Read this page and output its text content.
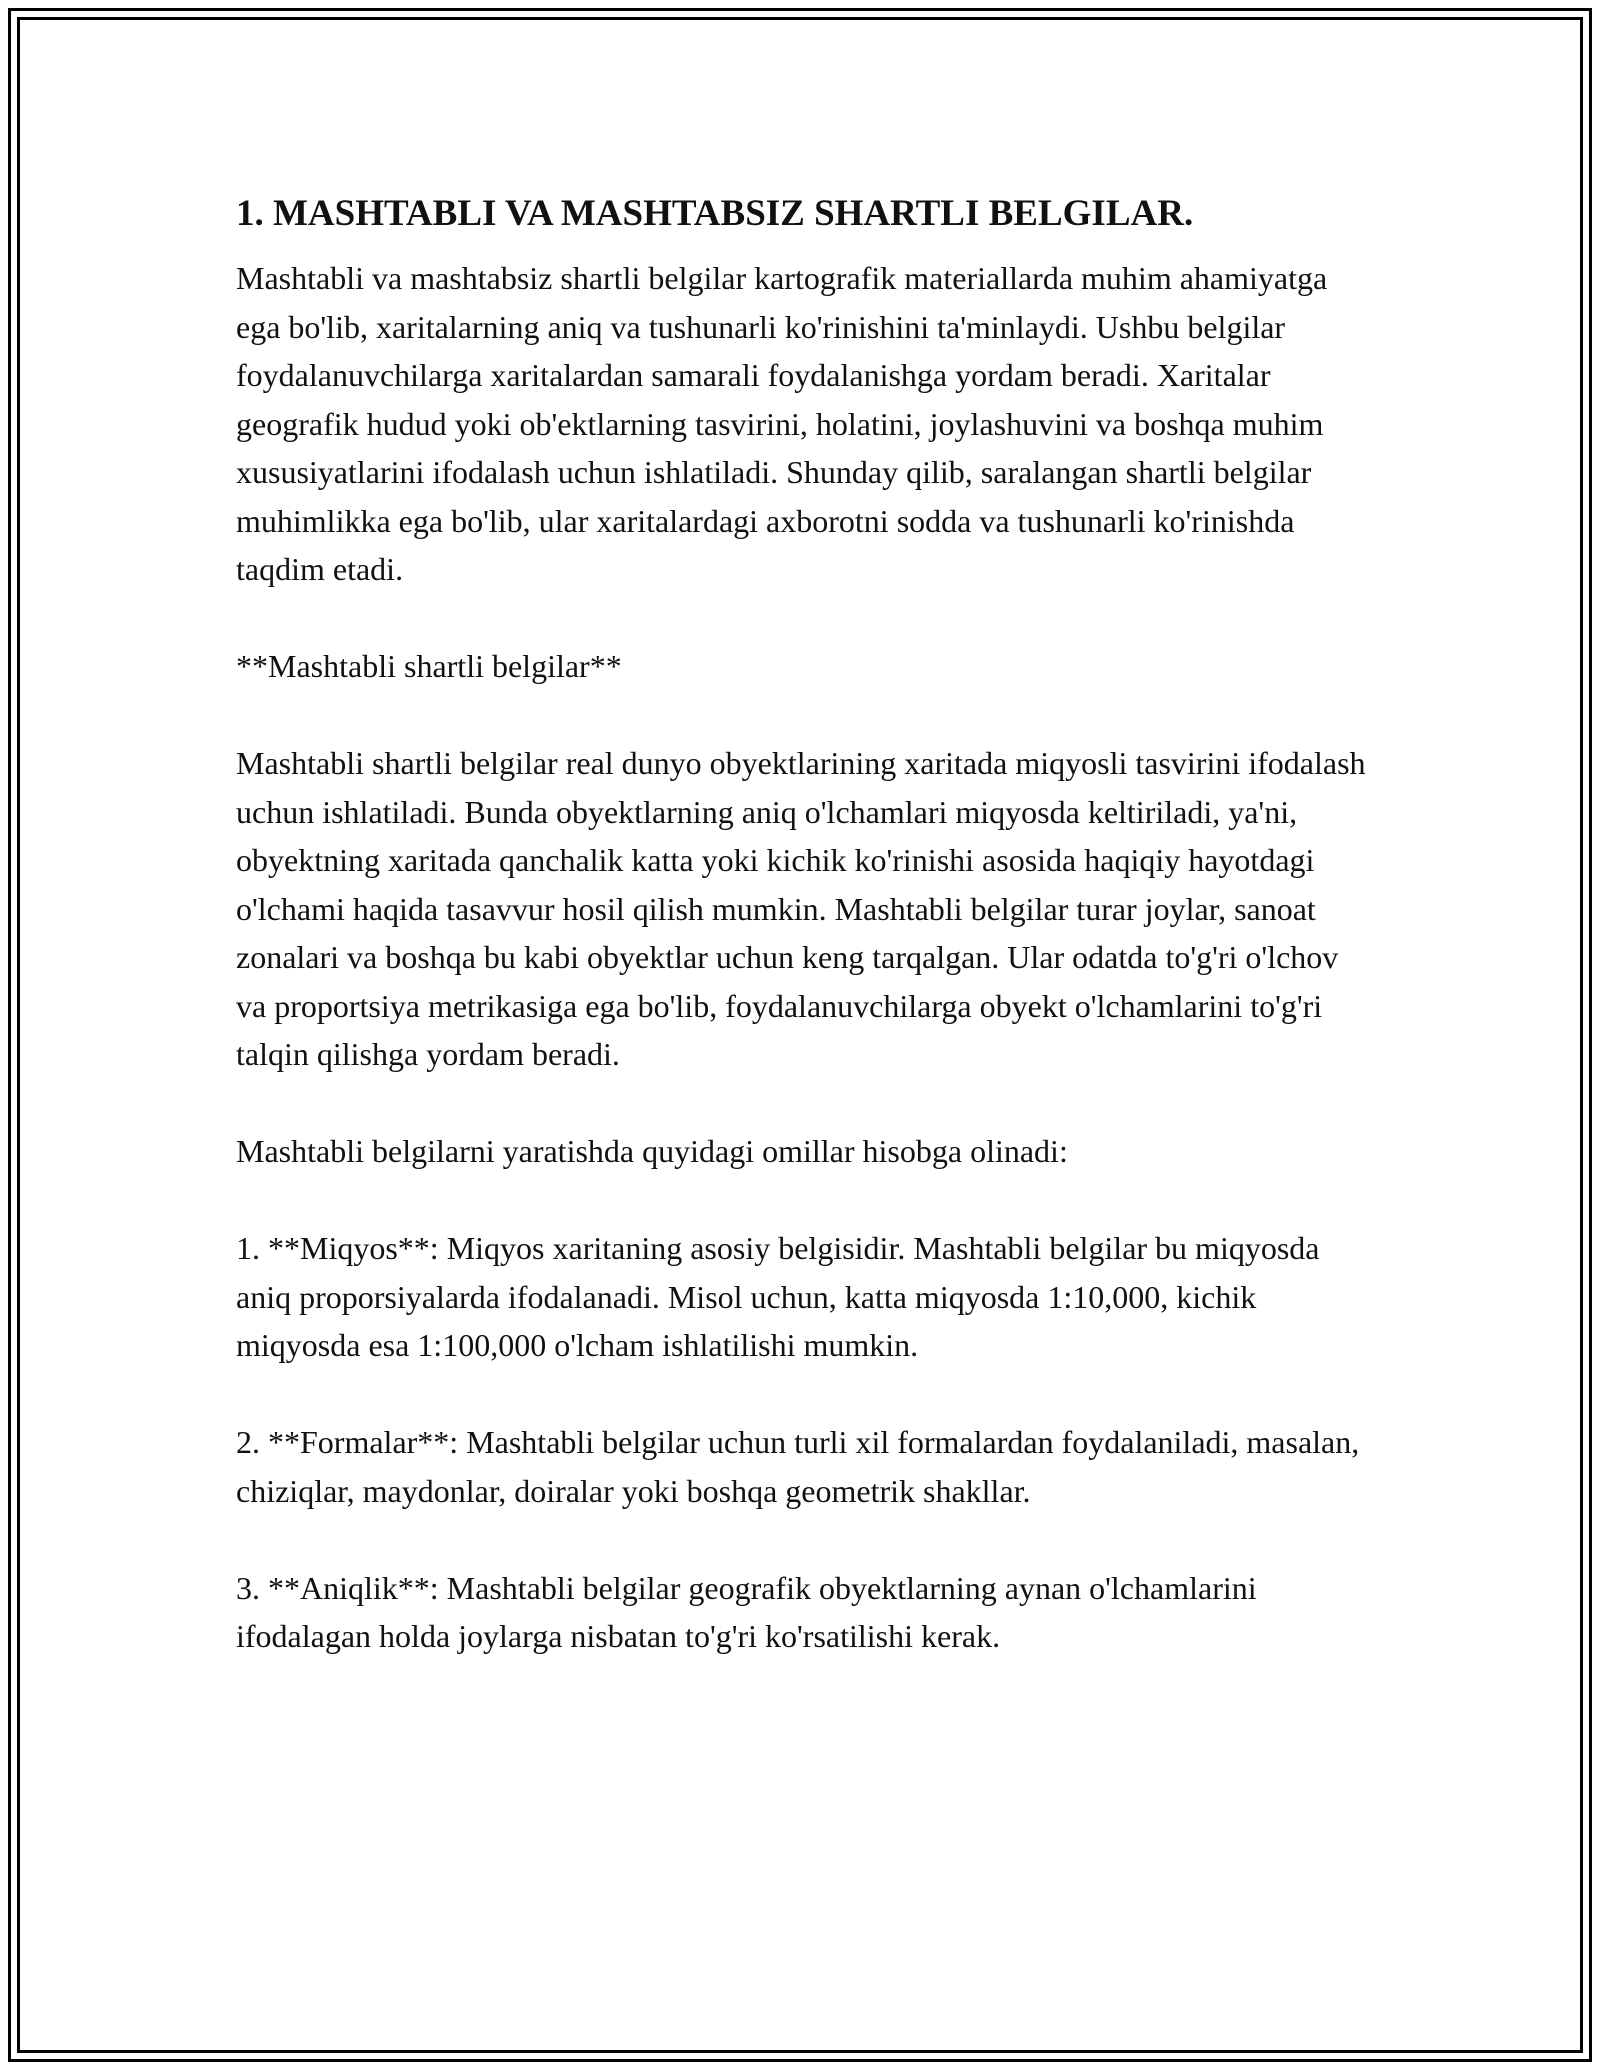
1. MASHTABLI VA MASHTABSIZ SHARTLI BELGILAR.

Mashtabli va mashtabsiz shartli belgilar kartografik materiallarda muhim ahamiyatga ega bo'lib, xaritalarning aniq va tushunarli ko'rinishini ta'minlaydi. Ushbu belgilar foydalanuvchilarga xaritalardan samarali foydalanishga yordam beradi. Xaritalar geografik hudud yoki ob'ektlarning tasvirini, holatini, joylashuvini va boshqa muhim xususiyatlarini ifodalash uchun ishlatiladi. Shunday qilib, saralangan shartli belgilar muhimlikka ega bo'lib, ular xaritalardagi axborotni sodda va tushunarli ko'rinishda taqdim etadi.

**Mashtabli shartli belgilar**

Mashtabli shartli belgilar real dunyo obyektlarining xaritada miqyosli tasvirini ifodalash uchun ishlatiladi. Bunda obyektlarning aniq o'lchamlari miqyosda keltiriladi, ya'ni, obyektning xaritada qanchalik katta yoki kichik ko'rinishi asosida haqiqiy hayotdagi o'lchami haqida tasavvur hosil qilish mumkin. Mashtabli belgilar turar joylar, sanoat zonalari va boshqa bu kabi obyektlar uchun keng tarqalgan. Ular odatda to'g'ri o'lchov va proportsiya metrikasiga ega bo'lib, foydalanuvchilarga obyekt o'lchamlarini to'g'ri talqin qilishga yordam beradi.

Mashtabli belgilarni yaratishda quyidagi omillar hisobga olinadi:

1. **Miqyos**: Miqyos xaritaning asosiy belgisidir. Mashtabli belgilar bu miqyosda aniq proporsiyalarda ifodalanadi. Misol uchun, katta miqyosda 1:10,000, kichik miqyosda esa 1:100,000 o'lcham ishlatilishi mumkin.

2. **Formalar**: Mashtabli belgilar uchun turli xil formalardan foydalaniladi, masalan, chiziqlar, maydonlar, doiralar yoki boshqa geometrik shakllar.

3. **Aniqlik**: Mashtabli belgilar geografik obyektlarning aynan o'lchamlarini ifodalagan holda joylarga nisbatan to'g'ri ko'rsatilishi kerak.
